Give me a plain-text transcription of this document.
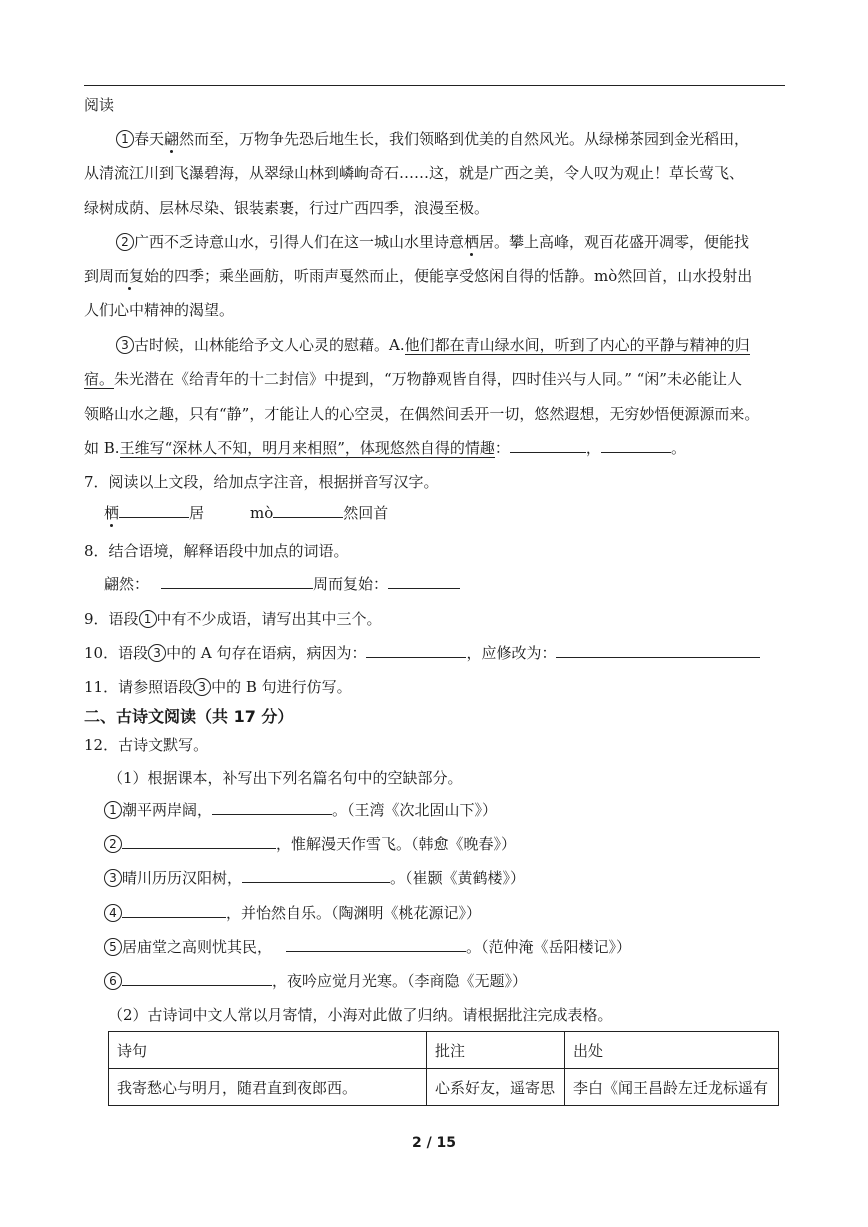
阅读
1 春天翩然而至，万物争先恐后地生长，我们领略到优美的自然风光。从绿梯茶园到金光稻田，
从清流江川到飞瀑碧海，从翠绿山林到嶙峋奇石……这，就是广西之美，令人叹为观止！草长莺飞、
绿树成荫、层林尽染、银装素裹，行过广西四季，浪漫至极。
2 广西不乏诗意山水，引得人们在这一城山水里诗意栖居。攀上高峰，观百花盛开凋零，便能找
到周而复始的四季；乘坐画舫，听雨声戛然而止，便能享受悠闲自得的恬静。mò然回首，山水投射出
人们心中精神的渴望。
3 古时候，山林能给予文人心灵的慰藉。A.他们都在青山绿水间，听到了内心的平静与精神的归
宿。朱光潜在《给青年的十二封信》中提到，“万物静观皆自得，四时佳兴与人同。” “闲”未必能让人
领略山水之趣，只有“静”，才能让人的心空灵，在偶然间丢开一切，悠然遐想，无穷妙悟便源源而来。
如 B.王维写“深林人不知，明月来相照”，体现悠然自得的情趣：	，	。
7．阅读以上文段，给加点字注音，根据拼音写汉字。
栖	居	mò	然回首
8．结合语境，解释语段中加点的词语。
翩然：	周而复始：
9．语段 1 中有不少成语，请写出其中三个。
10．语段 3 中的 A 句存在语病，病因为：	，应修改为：
11．请参照语段 3 中的 B 句进行仿写。
二、古诗文阅读（共 17 分）
12．古诗文默写。
（1）根据课本，补写出下列名篇名句中的空缺部分。
1 潮平两岸阔，	。（王湾《次北固山下》）
2	，惟解漫天作雪飞。（韩愈《晚春》）
3 晴川历历汉阳树，	。（崔颢《黄鹤楼》）
4	，并怡然自乐。（陶渊明《桃花源记》）
5 居庙堂之高则忧其民，	。（范仲淹《岳阳楼记》）
6	，夜吟应觉月光寒。（李商隐《无题》）
（2）古诗词中文人常以月寄情，小海对此做了归纳。请根据批注完成表格。
诗句	批注	出处
我寄愁心与明月，随君直到夜郎西。	心系好友，遥寄思	李白《闻王昌龄左迁龙标遥有
2 / 15
